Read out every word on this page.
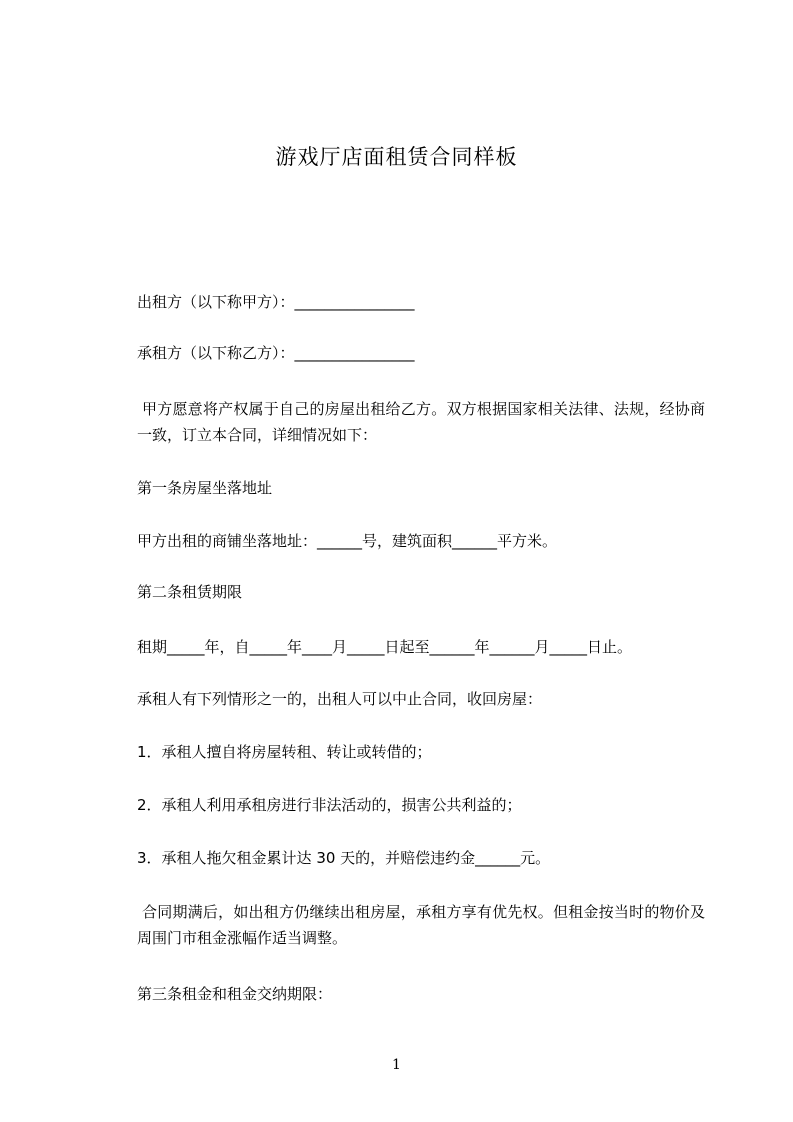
游戏厅店面租赁合同样板
出租方（以下称甲方）：________________
承租方（以下称乙方）：________________
甲方愿意将产权属于自己的房屋出租给乙方。双方根据国家相关法律、法规，经协商一致，订立本合同，详细情况如下：
第一条房屋坐落地址
甲方出租的商铺坐落地址：______号，建筑面积______平方米。
第二条租赁期限
租期_____年，自_____年____月_____日起至______年______月_____日止。
承租人有下列情形之一的，出租人可以中止合同，收回房屋：
1．承租人擅自将房屋转租、转让或转借的；
2．承租人利用承租房进行非法活动的，损害公共利益的；
3．承租人拖欠租金累计达 30 天的，并赔偿违约金______元。
合同期满后，如出租方仍继续出租房屋，承租方享有优先权。但租金按当时的物价及周围门市租金涨幅作适当调整。
第三条租金和租金交纳期限：
1
